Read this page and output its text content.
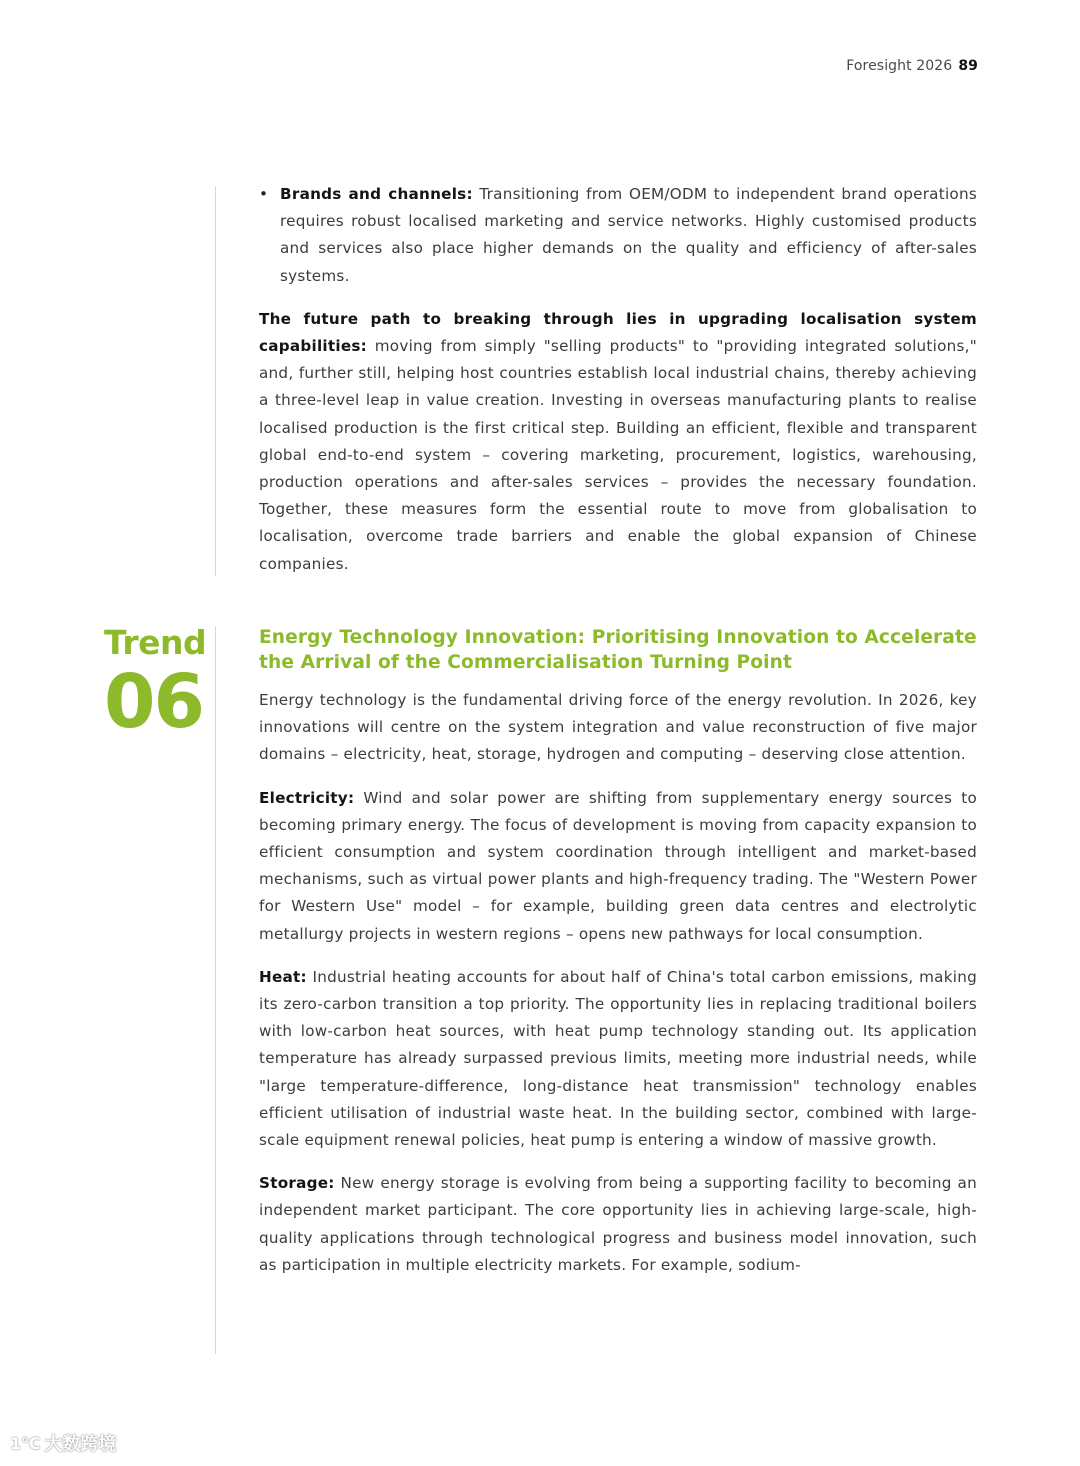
Foresight 2026 89
• Brands and channels: Transitioning from OEM/ODM to independent brand operations requires robust localised marketing and service networks. Highly customised products and services also place higher demands on the quality and efficiency of after-sales systems.

The future path to breaking through lies in upgrading localisation system capabilities: moving from simply "selling products" to "providing integrated solutions," and, further still, helping host countries establish local industrial chains, thereby achieving a three-level leap in value creation. Investing in overseas manufacturing plants to realise localised production is the first critical step. Building an efficient, flexible and transparent global end-to-end system – covering marketing, procurement, logistics, warehousing, production operations and after-sales services – provides the necessary foundation. Together, these measures form the essential route to move from globalisation to localisation, overcome trade barriers and enable the global expansion of Chinese companies.

Trend
06
Energy Technology Innovation: Prioritising Innovation to Accelerate the Arrival of the Commercialisation Turning Point

Energy technology is the fundamental driving force of the energy revolution. In 2026, key innovations will centre on the system integration and value reconstruction of five major domains – electricity, heat, storage, hydrogen and computing – deserving close attention.

Electricity: Wind and solar power are shifting from supplementary energy sources to becoming primary energy. The focus of development is moving from capacity expansion to efficient consumption and system coordination through intelligent and market-based mechanisms, such as virtual power plants and high-frequency trading. The "Western Power for Western Use" model – for example, building green data centres and electrolytic metallurgy projects in western regions – opens new pathways for local consumption.

Heat: Industrial heating accounts for about half of China's total carbon emissions, making its zero-carbon transition a top priority. The opportunity lies in replacing traditional boilers with low-carbon heat sources, with heat pump technology standing out. Its application temperature has already surpassed previous limits, meeting more industrial needs, while "large temperature-difference, long-distance heat transmission" technology enables efficient utilisation of industrial waste heat. In the building sector, combined with large-scale equipment renewal policies, heat pump is entering a window of massive growth.

Storage: New energy storage is evolving from being a supporting facility to becoming an independent market participant. The core opportunity lies in achieving large-scale, high-quality applications through technological progress and business model innovation, such as participation in multiple electricity markets. For example, sodium-

1℃ 大数跨境
